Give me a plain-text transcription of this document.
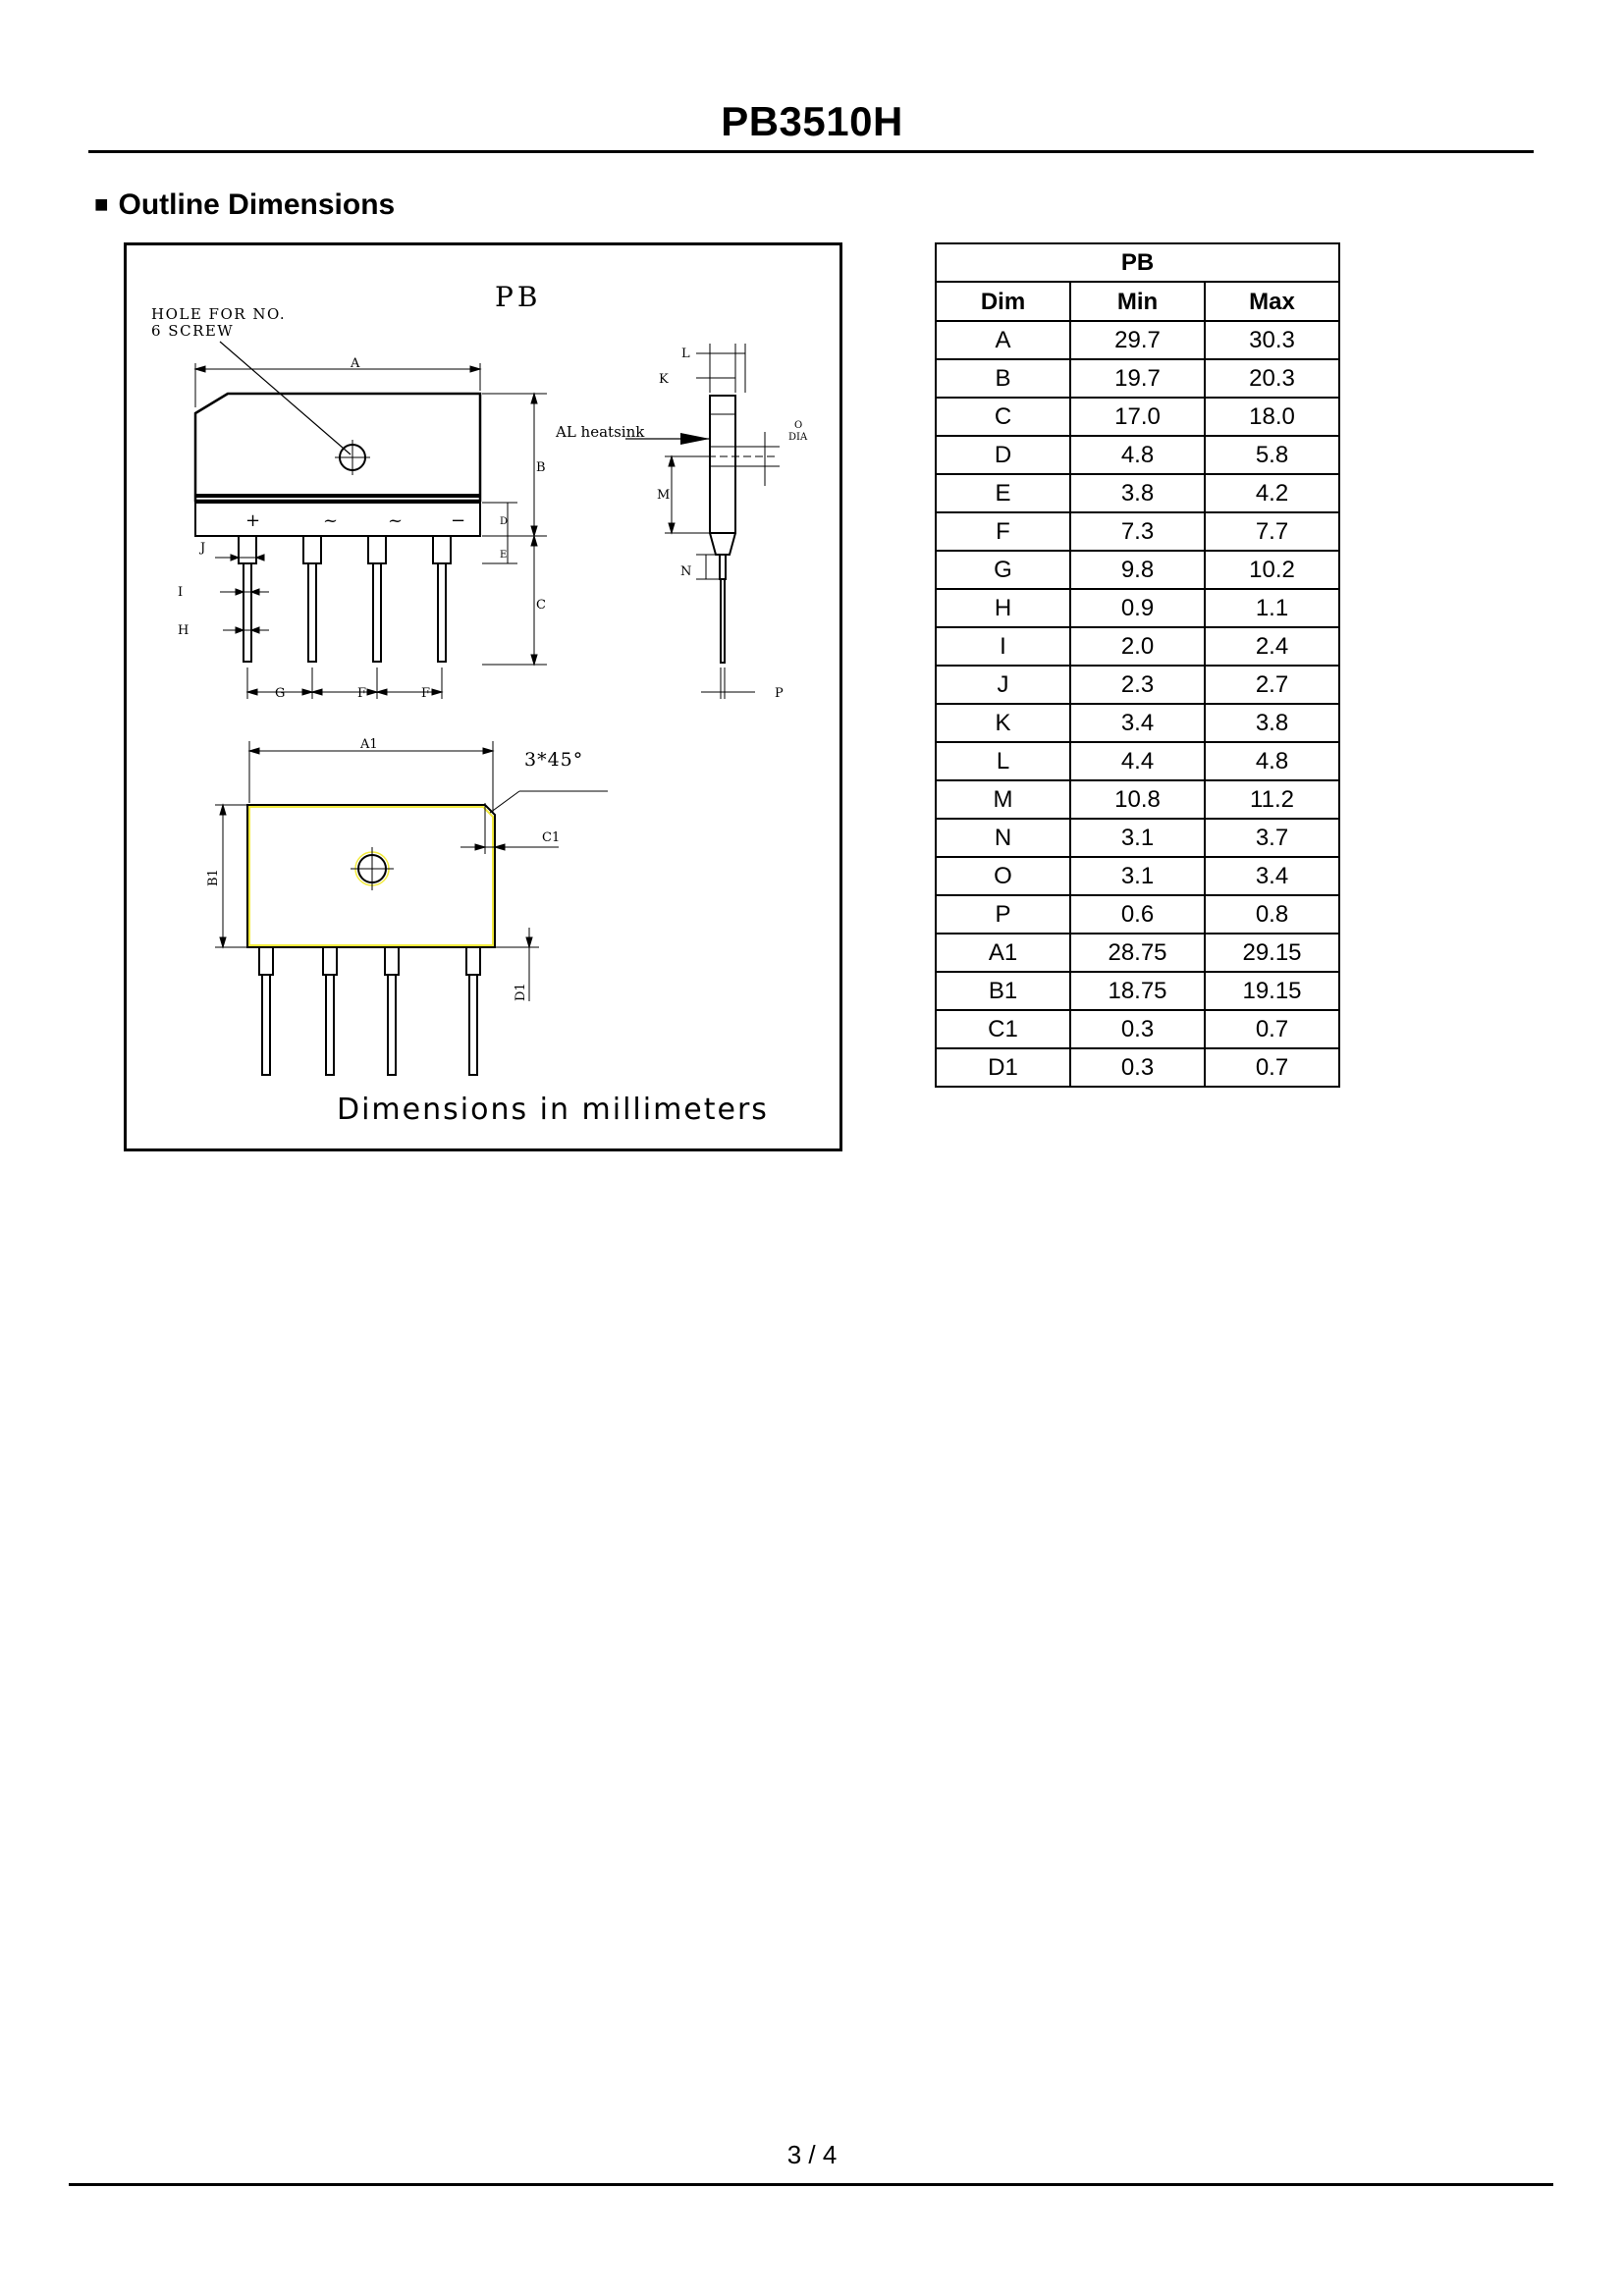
PB3510H
■ Outline Dimensions
PB
HOLE FOR NO.
6 SCREW
+	~	~	−
A
B
C
D
E
J
I
H
G	F	F
AL heatsink
L
K
O
DIA
M
N
P
A1
3*45°
C1
B1
D1
Dimensions in millimeters
PB		
Dim	Min	Max
A	29.7	30.3
B	19.7	20.3
C	17.0	18.0
D	4.8	5.8
E	3.8	4.2
F	7.3	7.7
G	9.8	10.2
H	0.9	1.1
I	2.0	2.4
J	2.3	2.7
K	3.4	3.8
L	4.4	4.8
M	10.8	11.2
N	3.1	3.7
O	3.1	3.4
P	0.6	0.8
A1	28.75	29.15
B1	18.75	19.15
C1	0.3	0.7
D1	0.3	0.7
3 / 4
